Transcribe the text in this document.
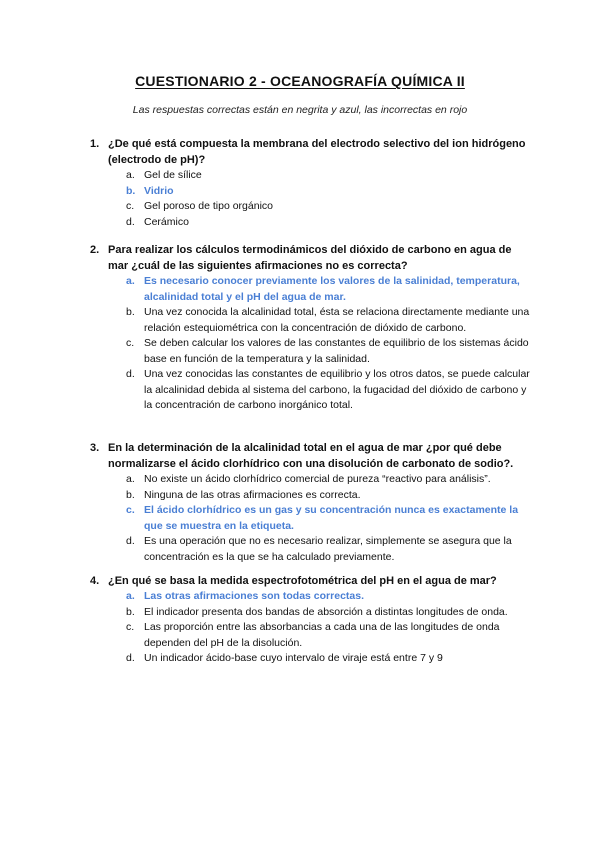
CUESTIONARIO 2 - OCEANOGRAFÍA QUÍMICA II
Las respuestas correctas están en negrita y azul, las incorrectas en rojo
1. ¿De qué está compuesta la membrana del electrodo selectivo del ion hidrógeno (electrodo de pH)?
a. Gel de sílice
b. Vidrio
c. Gel poroso de tipo orgánico
d. Cerámico
2. Para realizar los cálculos termodinámicos del dióxido de carbono en agua de mar ¿cuál de las siguientes afirmaciones no es correcta?
a. Es necesario conocer previamente los valores de la salinidad, temperatura, alcalinidad total y el pH del agua de mar.
b. Una vez conocida la alcalinidad total, ésta se relaciona directamente mediante una relación estequiométrica con la concentración de dióxido de carbono.
c. Se deben calcular los valores de las constantes de equilibrio de los sistemas ácido base en función de la temperatura y la salinidad.
d. Una vez conocidas las constantes de equilibrio y los otros datos, se puede calcular la alcalinidad debida al sistema del carbono, la fugacidad del dióxido de carbono y la concentración de carbono inorgánico total.
3. En la determinación de la alcalinidad total en el agua de mar ¿por qué debe normalizarse el ácido clorhídrico con una disolución de carbonato de sodio?.
a. No existe un ácido clorhídrico comercial de pureza “reactivo para análisis”.
b. Ninguna de las otras afirmaciones es correcta.
c. El ácido clorhídrico es un gas y su concentración nunca es exactamente la que se muestra en la etiqueta.
d. Es una operación que no es necesario realizar, simplemente se asegura que la concentración es la que se ha calculado previamente.
4. ¿En qué se basa la medida espectrofotométrica del pH en el agua de mar?
a. Las otras afirmaciones son todas correctas.
b. El indicador presenta dos bandas de absorción a distintas longitudes de onda.
c. Las proporción entre las absorbancias a cada una de las longitudes de onda dependen del pH de la disolución.
d. Un indicador ácido-base cuyo intervalo de viraje está entre 7 y 9
